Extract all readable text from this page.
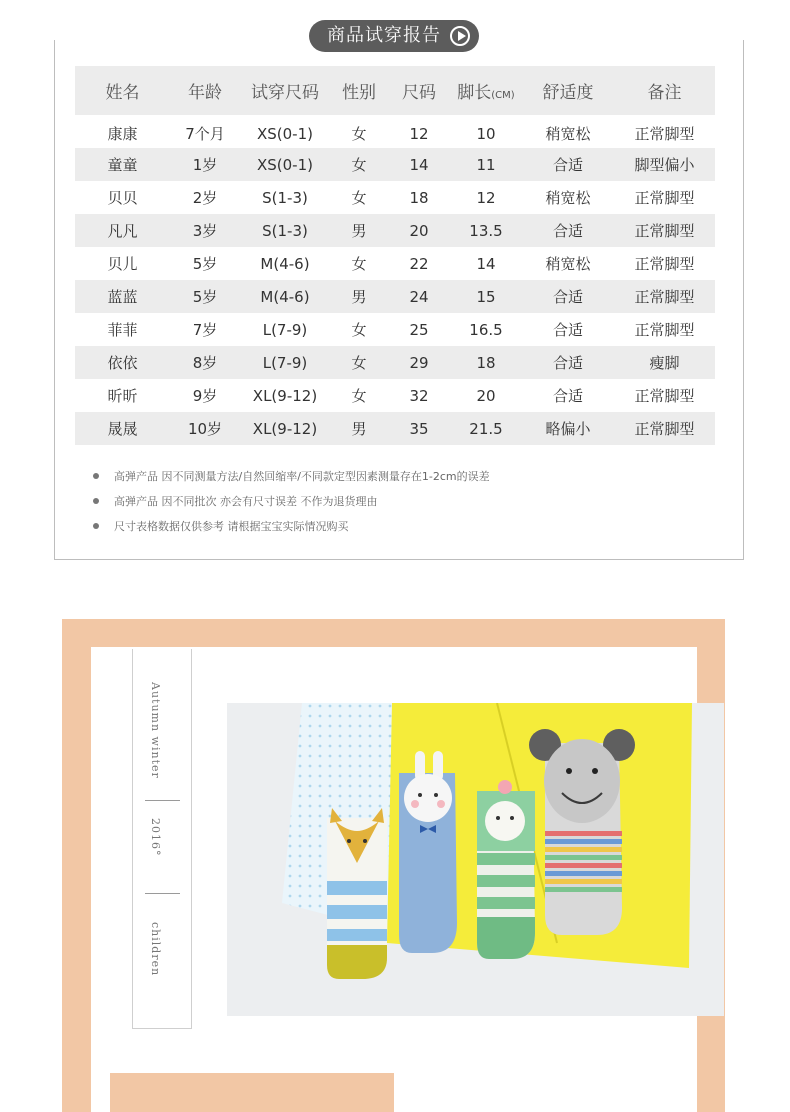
商品试穿报告
姓名	年龄	试穿尺码	性别	尺码	脚长(CM)	舒适度	备注
康康	7个月	XS(0-1)	女	12	10	稍宽松	正常脚型
童童	1岁	XS(0-1)	女	14	11	合适	脚型偏小
贝贝	2岁	S(1-3)	女	18	12	稍宽松	正常脚型
凡凡	3岁	S(1-3)	男	20	13.5	合适	正常脚型
贝儿	5岁	M(4-6)	女	22	14	稍宽松	正常脚型
蓝蓝	5岁	M(4-6)	男	24	15	合适	正常脚型
菲菲	7岁	L(7-9)	女	25	16.5	合适	正常脚型
依依	8岁	L(7-9)	女	29	18	合适	瘦脚
昕昕	9岁	XL(9-12)	女	32	20	合适	正常脚型
晟晟	10岁	XL(9-12)	男	35	21.5	略偏小	正常脚型
高弹产品 因不同测量方法/自然回缩率/不同款定型因素测量存在1-2cm的误差
高弹产品 因不同批次 亦会有尺寸误差 不作为退货理由
尺寸表格数据仅供参考 请根据宝宝实际情况购买
Autumn winter
2016°
children
